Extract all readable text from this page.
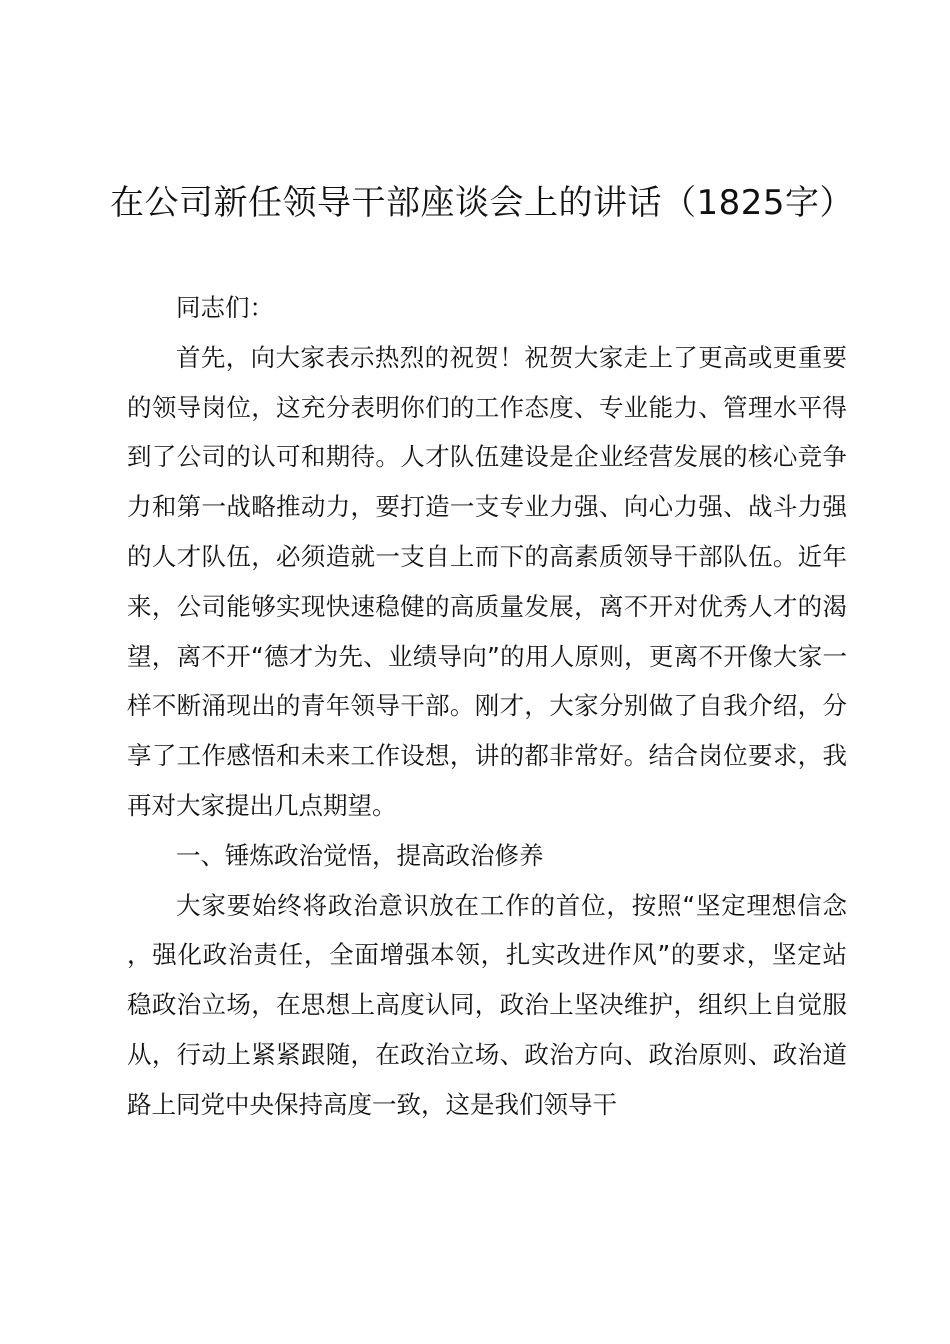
在公司新任领导干部座谈会上的讲话（1825字）

同志们：

首先，向大家表示热烈的祝贺！祝贺大家走上了更高或更重要的领导岗位，这充分表明你们的工作态度、专业能力、管理水平得到了公司的认可和期待。人才队伍建设是企业经营发展的核心竞争力和第一战略推动力，要打造一支专业力强、向心力强、战斗力强的人才队伍，必须造就一支自上而下的高素质领导干部队伍。近年来，公司能够实现快速稳健的高质量发展，离不开对优秀人才的渴望，离不开“德才为先、业绩导向”的用人原则，更离不开像大家一样不断涌现出的青年领导干部。刚才，大家分别做了自我介绍，分享了工作感悟和未来工作设想，讲的都非常好。结合岗位要求，我再对大家提出几点期望。

一、锤炼政治觉悟，提高政治修养

大家要始终将政治意识放在工作的首位，按照“坚定理想信念，强化政治责任，全面增强本领，扎实改进作风”的要求，坚定站稳政治立场，在思想上高度认同，政治上坚决维护，组织上自觉服从，行动上紧紧跟随，在政治立场、政治方向、政治原则、政治道路上同党中央保持高度一致，这是我们领导干
